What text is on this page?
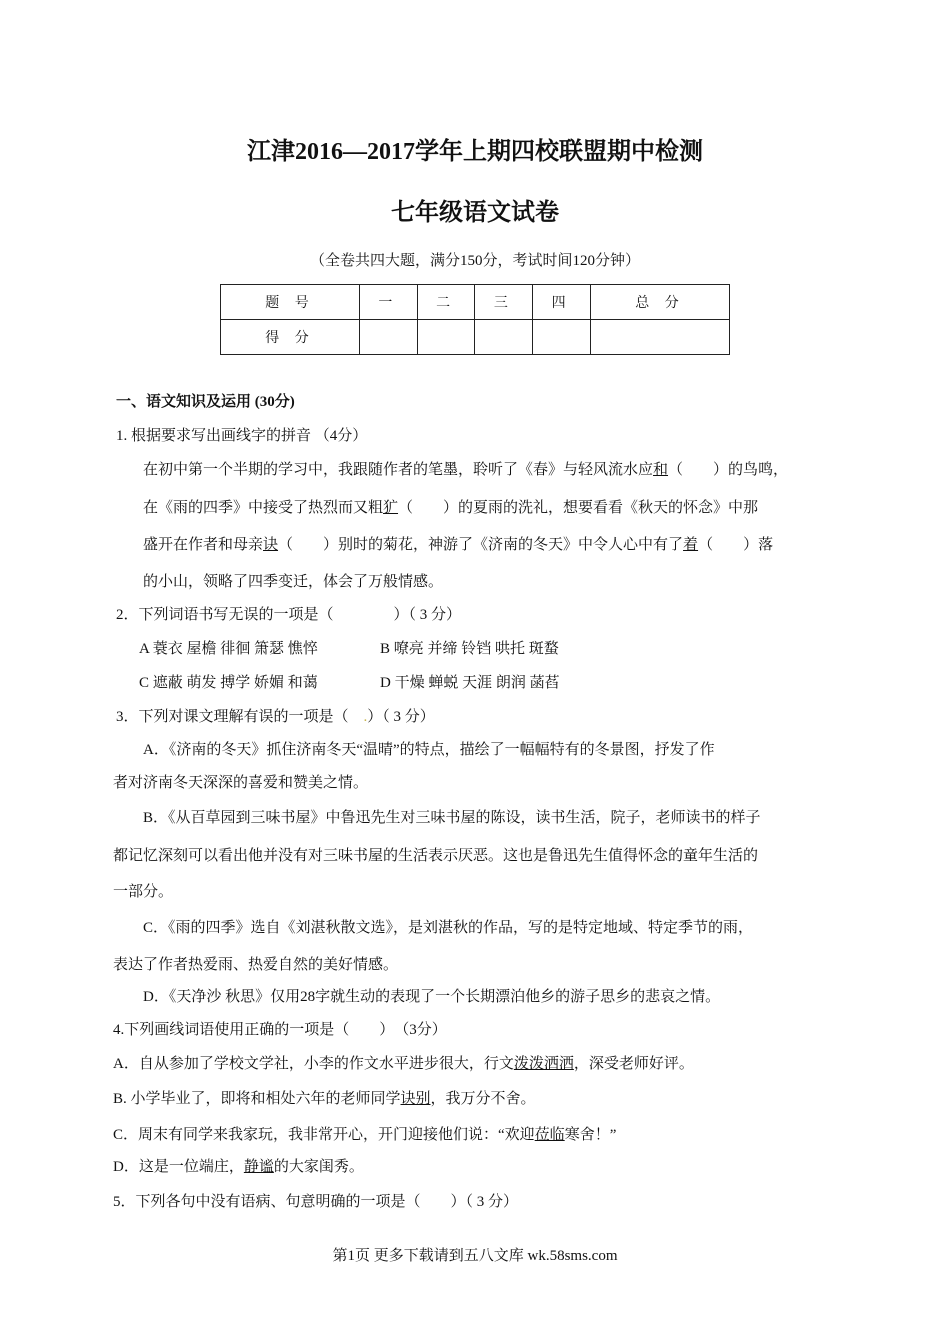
江津2016—2017学年上期四校联盟期中检测
七年级语文试卷
（全卷共四大题，满分150分，考试时间120分钟）
题 号	一	二	三	四	总 分
得 分					
一、语文知识及运用 (30分)
1. 根据要求写出画线字的拼音 （4分）
在初中第一个半期的学习中，我跟随作者的笔墨，聆听了《春》与轻风流水应和（　　）的鸟鸣，
在《雨的四季》中接受了热烈而又粗犷（　　）的夏雨的洗礼，想要看看《秋天的怀念》中那
盛开在作者和母亲诀（　　）别时的菊花，神游了《济南的冬天》中令人心中有了着（　　）落
的小山，领略了四季变迁，体会了万般情感。
2．下列词语书写无误的一项是（　　　　）（ 3 分）
A 蓑衣 屋檐 徘徊 箫瑟 憔悴	B 嘹亮 并缔 铃铛 哄托 斑蝥
C 遮蔽 萌发 搏学 娇媚 和蔼	D 干燥 蝉蜕 天涯 朗润 菡萏
3．下列对课文理解有误的一项是（　.）（ 3 分）
A．《济南的冬天》抓住济南冬天“温晴”的特点，描绘了一幅幅特有的冬景图，抒发了作
者对济南冬天深深的喜爱和赞美之情。
B．《从百草园到三味书屋》中鲁迅先生对三味书屋的陈设，读书生活，院子，老师读书的样子
都记忆深刻可以看出他并没有对三味书屋的生活表示厌恶。这也是鲁迅先生值得怀念的童年生活的
一部分。
C．《雨的四季》选自《刘湛秋散文选》，是刘湛秋的作品，写的是特定地域、特定季节的雨，
表达了作者热爱雨、热爱自然的美好情感。
D．《天净沙 秋思》仅用28字就生动的表现了一个长期漂泊他乡的游子思乡的悲哀之情。
4.下列画线词语使用正确的一项是（　　）　（3分）
A．自从参加了学校文学社，小李的作文水平进步很大，行文泼泼洒洒，深受老师好评。
B. 小学毕业了，即将和相处六年的老师同学诀别，我万分不舍。
C．周末有同学来我家玩，我非常开心，开门迎接他们说：“欢迎莅临寒舍！”
D．这是一位端庄，静谧的大家闺秀。
5．下列各句中没有语病、句意明确的一项是（　　）（ 3 分）
第1页 更多下载请到五八文库 wk.58sms.com
